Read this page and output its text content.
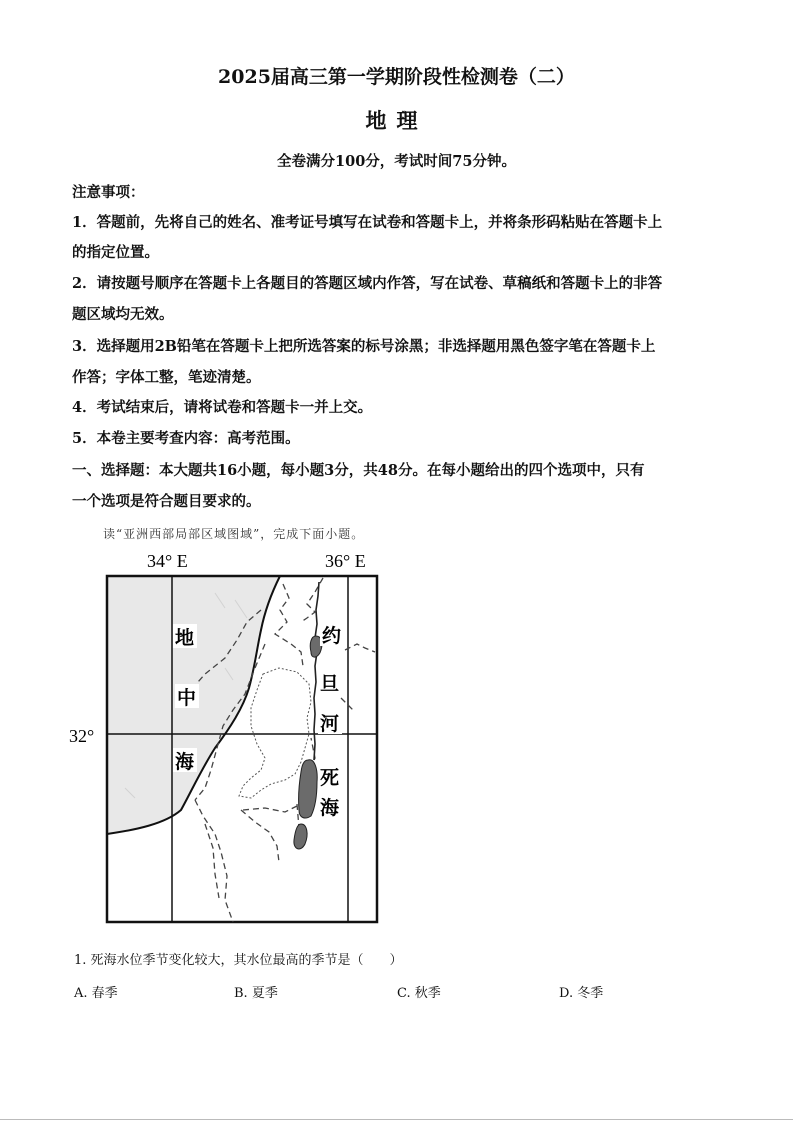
2025届高三第一学期阶段性检测卷（二）
地理
全卷满分100分，考试时间75分钟。
注意事项：
1．答题前，先将自己的姓名、准考证号填写在试卷和答题卡上，并将条形码粘贴在答题卡上
的指定位置。
2．请按题号顺序在答题卡上各题目的答题区域内作答，写在试卷、草稿纸和答题卡上的非答
题区域均无效。
3．选择题用2B铅笔在答题卡上把所选答案的标号涂黑；非选择题用黑色签字笔在答题卡上
作答；字体工整，笔迹清楚。
4．考试结束后，请将试卷和答题卡一并上交。
5．本卷主要考查内容：高考范围。
一、选择题：本大题共16小题，每小题3分，共48分。在每小题给出的四个选项中，只有
一个选项是符合题目要求的。
读“亚洲西部局部区域图域”，完成下面小题。
34° E	36° E
32°
地
中
海
约
旦
河
死
海
1. 死海水位季节变化较大，其水位最高的季节是（　　）
A. 春季	B. 夏季	C. 秋季	D. 冬季
